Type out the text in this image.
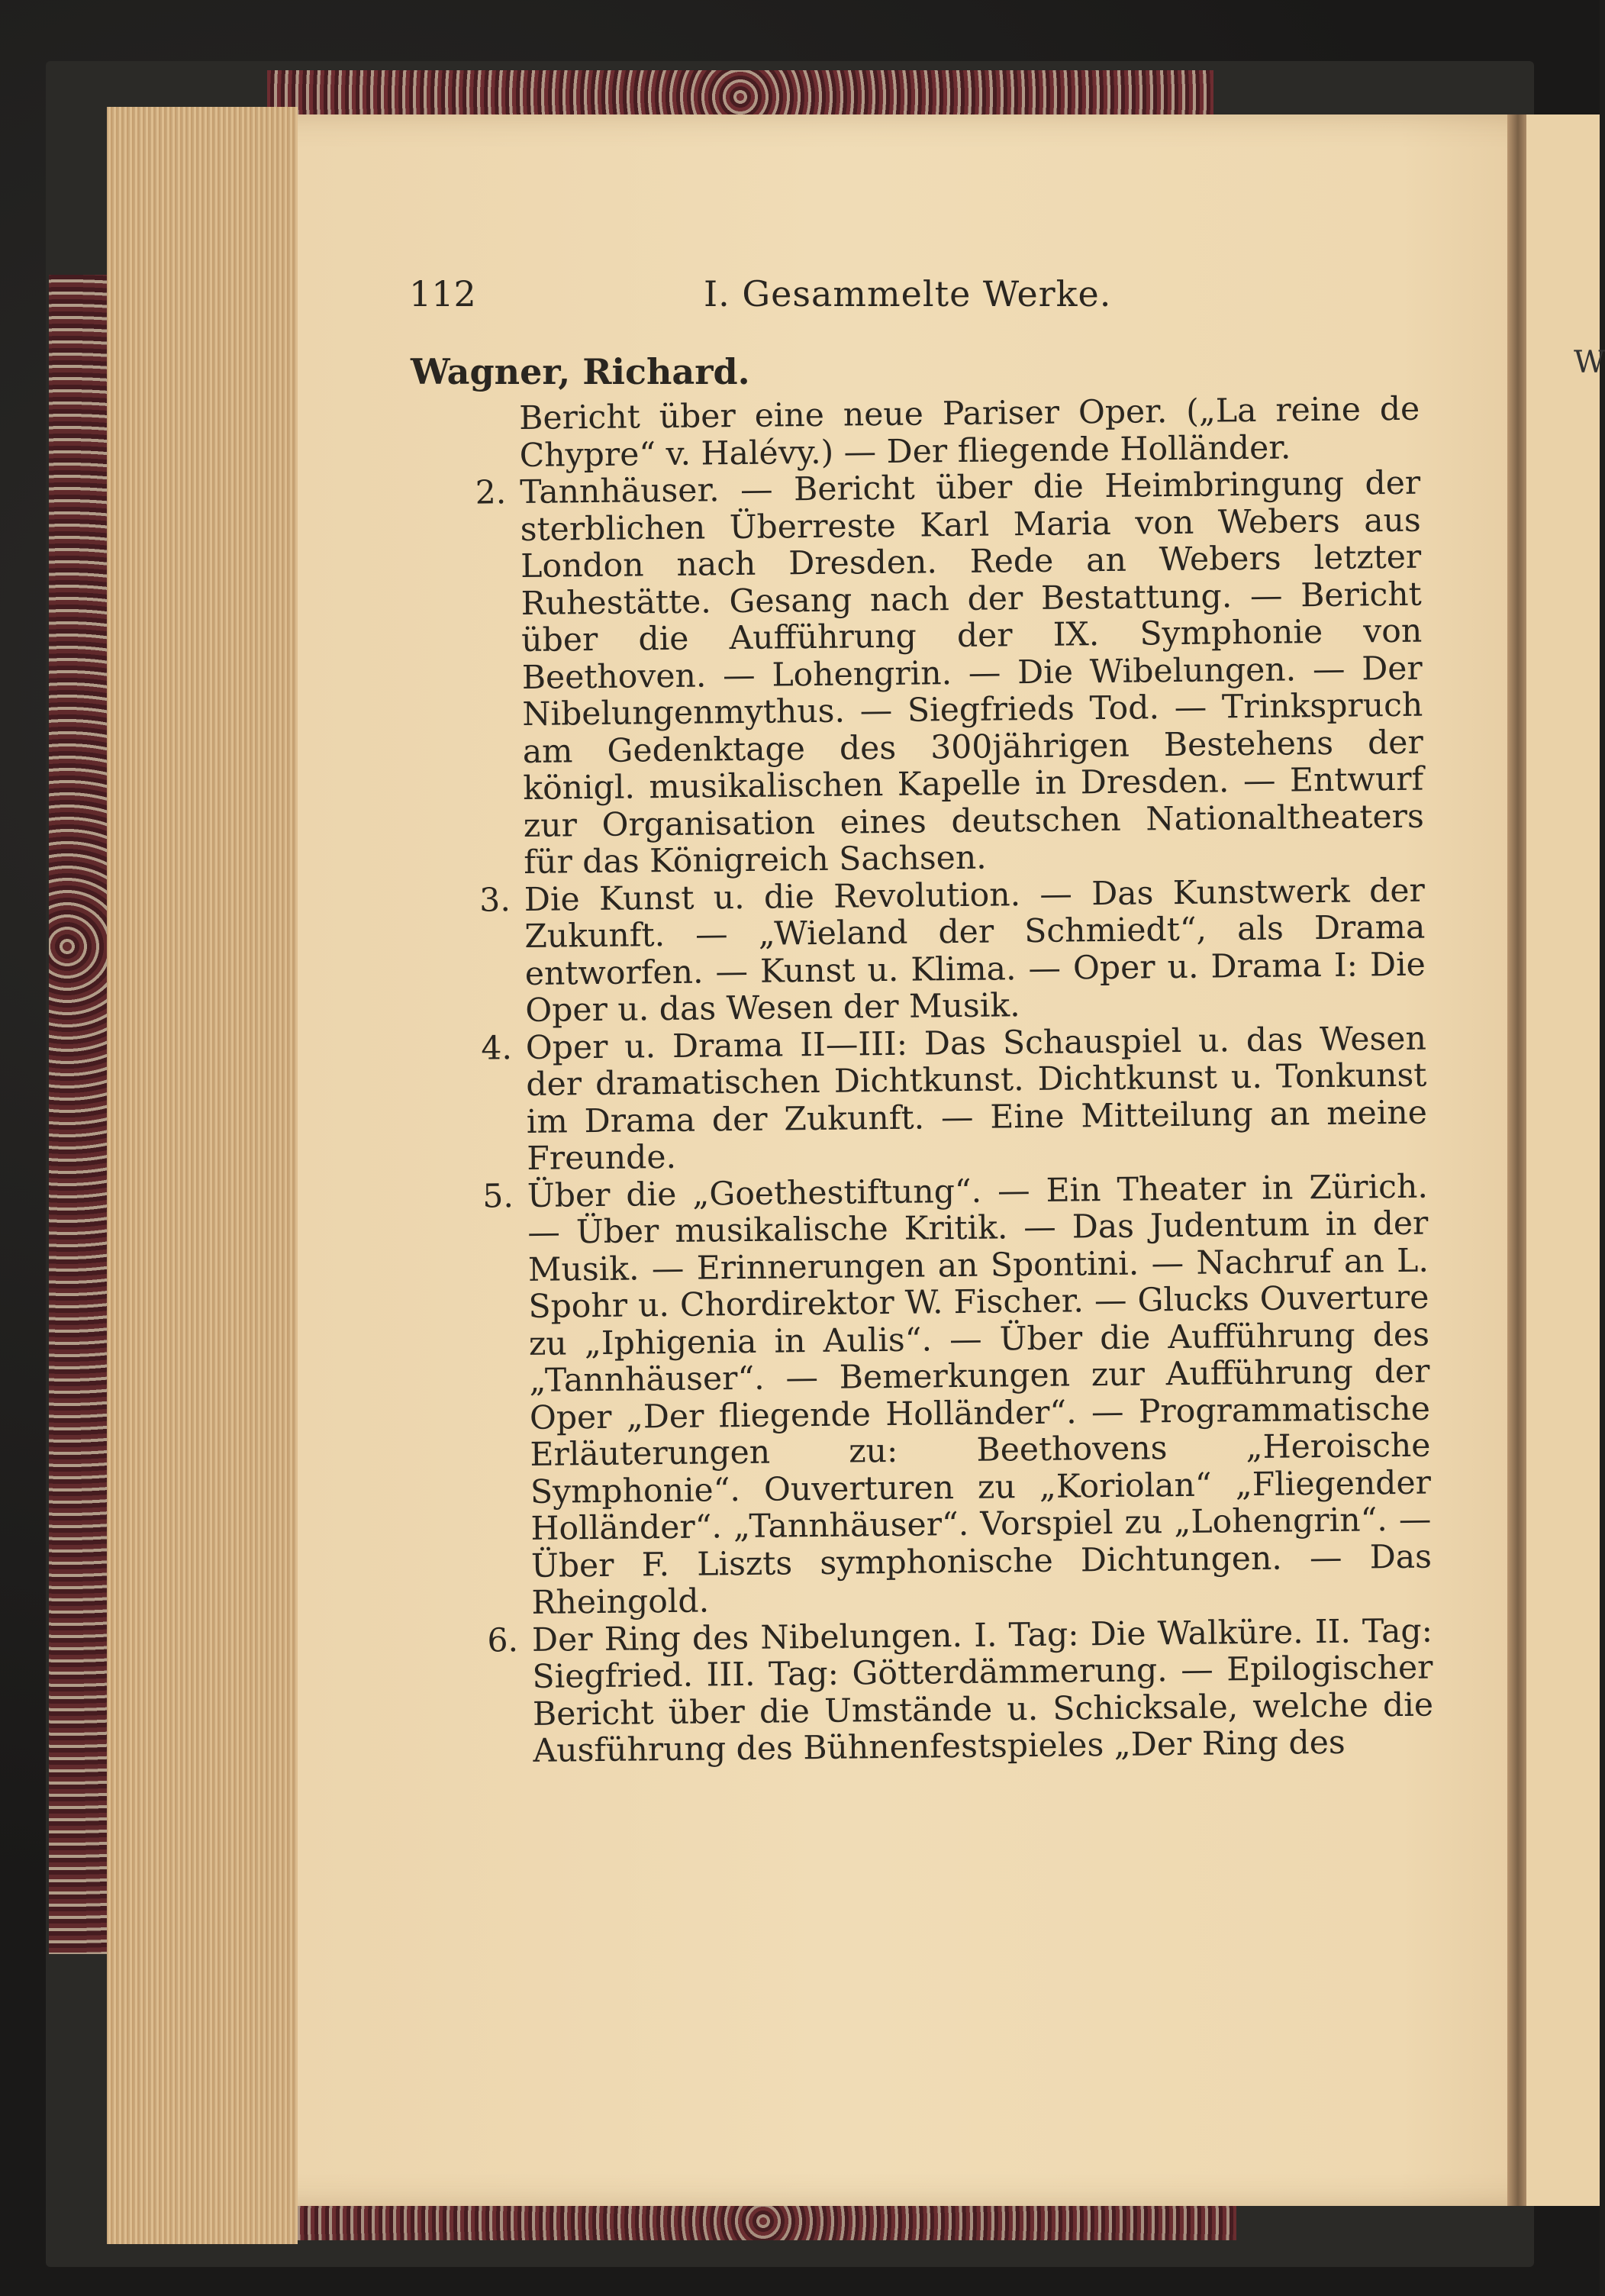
W
112	I. Gesammelte Werke.
Wagner, Richard.

Bericht über eine neue Pariser Oper. („La reine de Chypre“ v. Halévy.) — Der fliegende Holländer.

2. Tannhäuser. — Bericht über die Heimbringung der sterblichen Überreste Karl Maria von Webers aus London nach Dresden. Rede an Webers letzter Ruhestätte. Gesang nach der Bestattung. — Bericht über die Aufführung der IX. Symphonie von Beethoven. — Lohengrin. — Die Wibelungen. — Der Nibelungenmythus. — Siegfrieds Tod. — Trinkspruch am Gedenktage des 300jährigen Bestehens der königl. musikalischen Kapelle in Dresden. — Entwurf zur Organisation eines deutschen Nationaltheaters für das Königreich Sachsen.

3. Die Kunst u. die Revolution. — Das Kunstwerk der Zukunft. — „Wieland der Schmiedt“, als Drama entworfen. — Kunst u. Klima. — Oper u. Drama I: Die Oper u. das Wesen der Musik.

4. Oper u. Drama II—III: Das Schauspiel u. das Wesen der dramatischen Dichtkunst. Dichtkunst u. Tonkunst im Drama der Zukunft. — Eine Mitteilung an meine Freunde.

5. Über die „Goethestiftung“. — Ein Theater in Zürich. — Über musikalische Kritik. — Das Judentum in der Musik. — Erinnerungen an Spontini. — Nachruf an L. Spohr u. Chordirektor W. Fischer. — Glucks Ouverture zu „Iphigenia in Aulis“. — Über die Aufführung des „Tannhäuser“. — Bemerkungen zur Aufführung der Oper „Der fliegende Holländer“. — Programmatische Erläuterungen zu: Beethovens „Heroische Symphonie“. Ouverturen zu „Koriolan“ „Fliegender Holländer“. „Tannhäuser“. Vorspiel zu „Lohengrin“. — Über F. Liszts symphonische Dichtungen. — Das Rheingold.

6. Der Ring des Nibelungen. I. Tag: Die Walküre. II. Tag: Siegfried. III. Tag: Götterdämmerung. — Epilogischer Bericht über die Umstände u. Schicksale, welche die Ausführung des Bühnenfestspieles „Der Ring des
